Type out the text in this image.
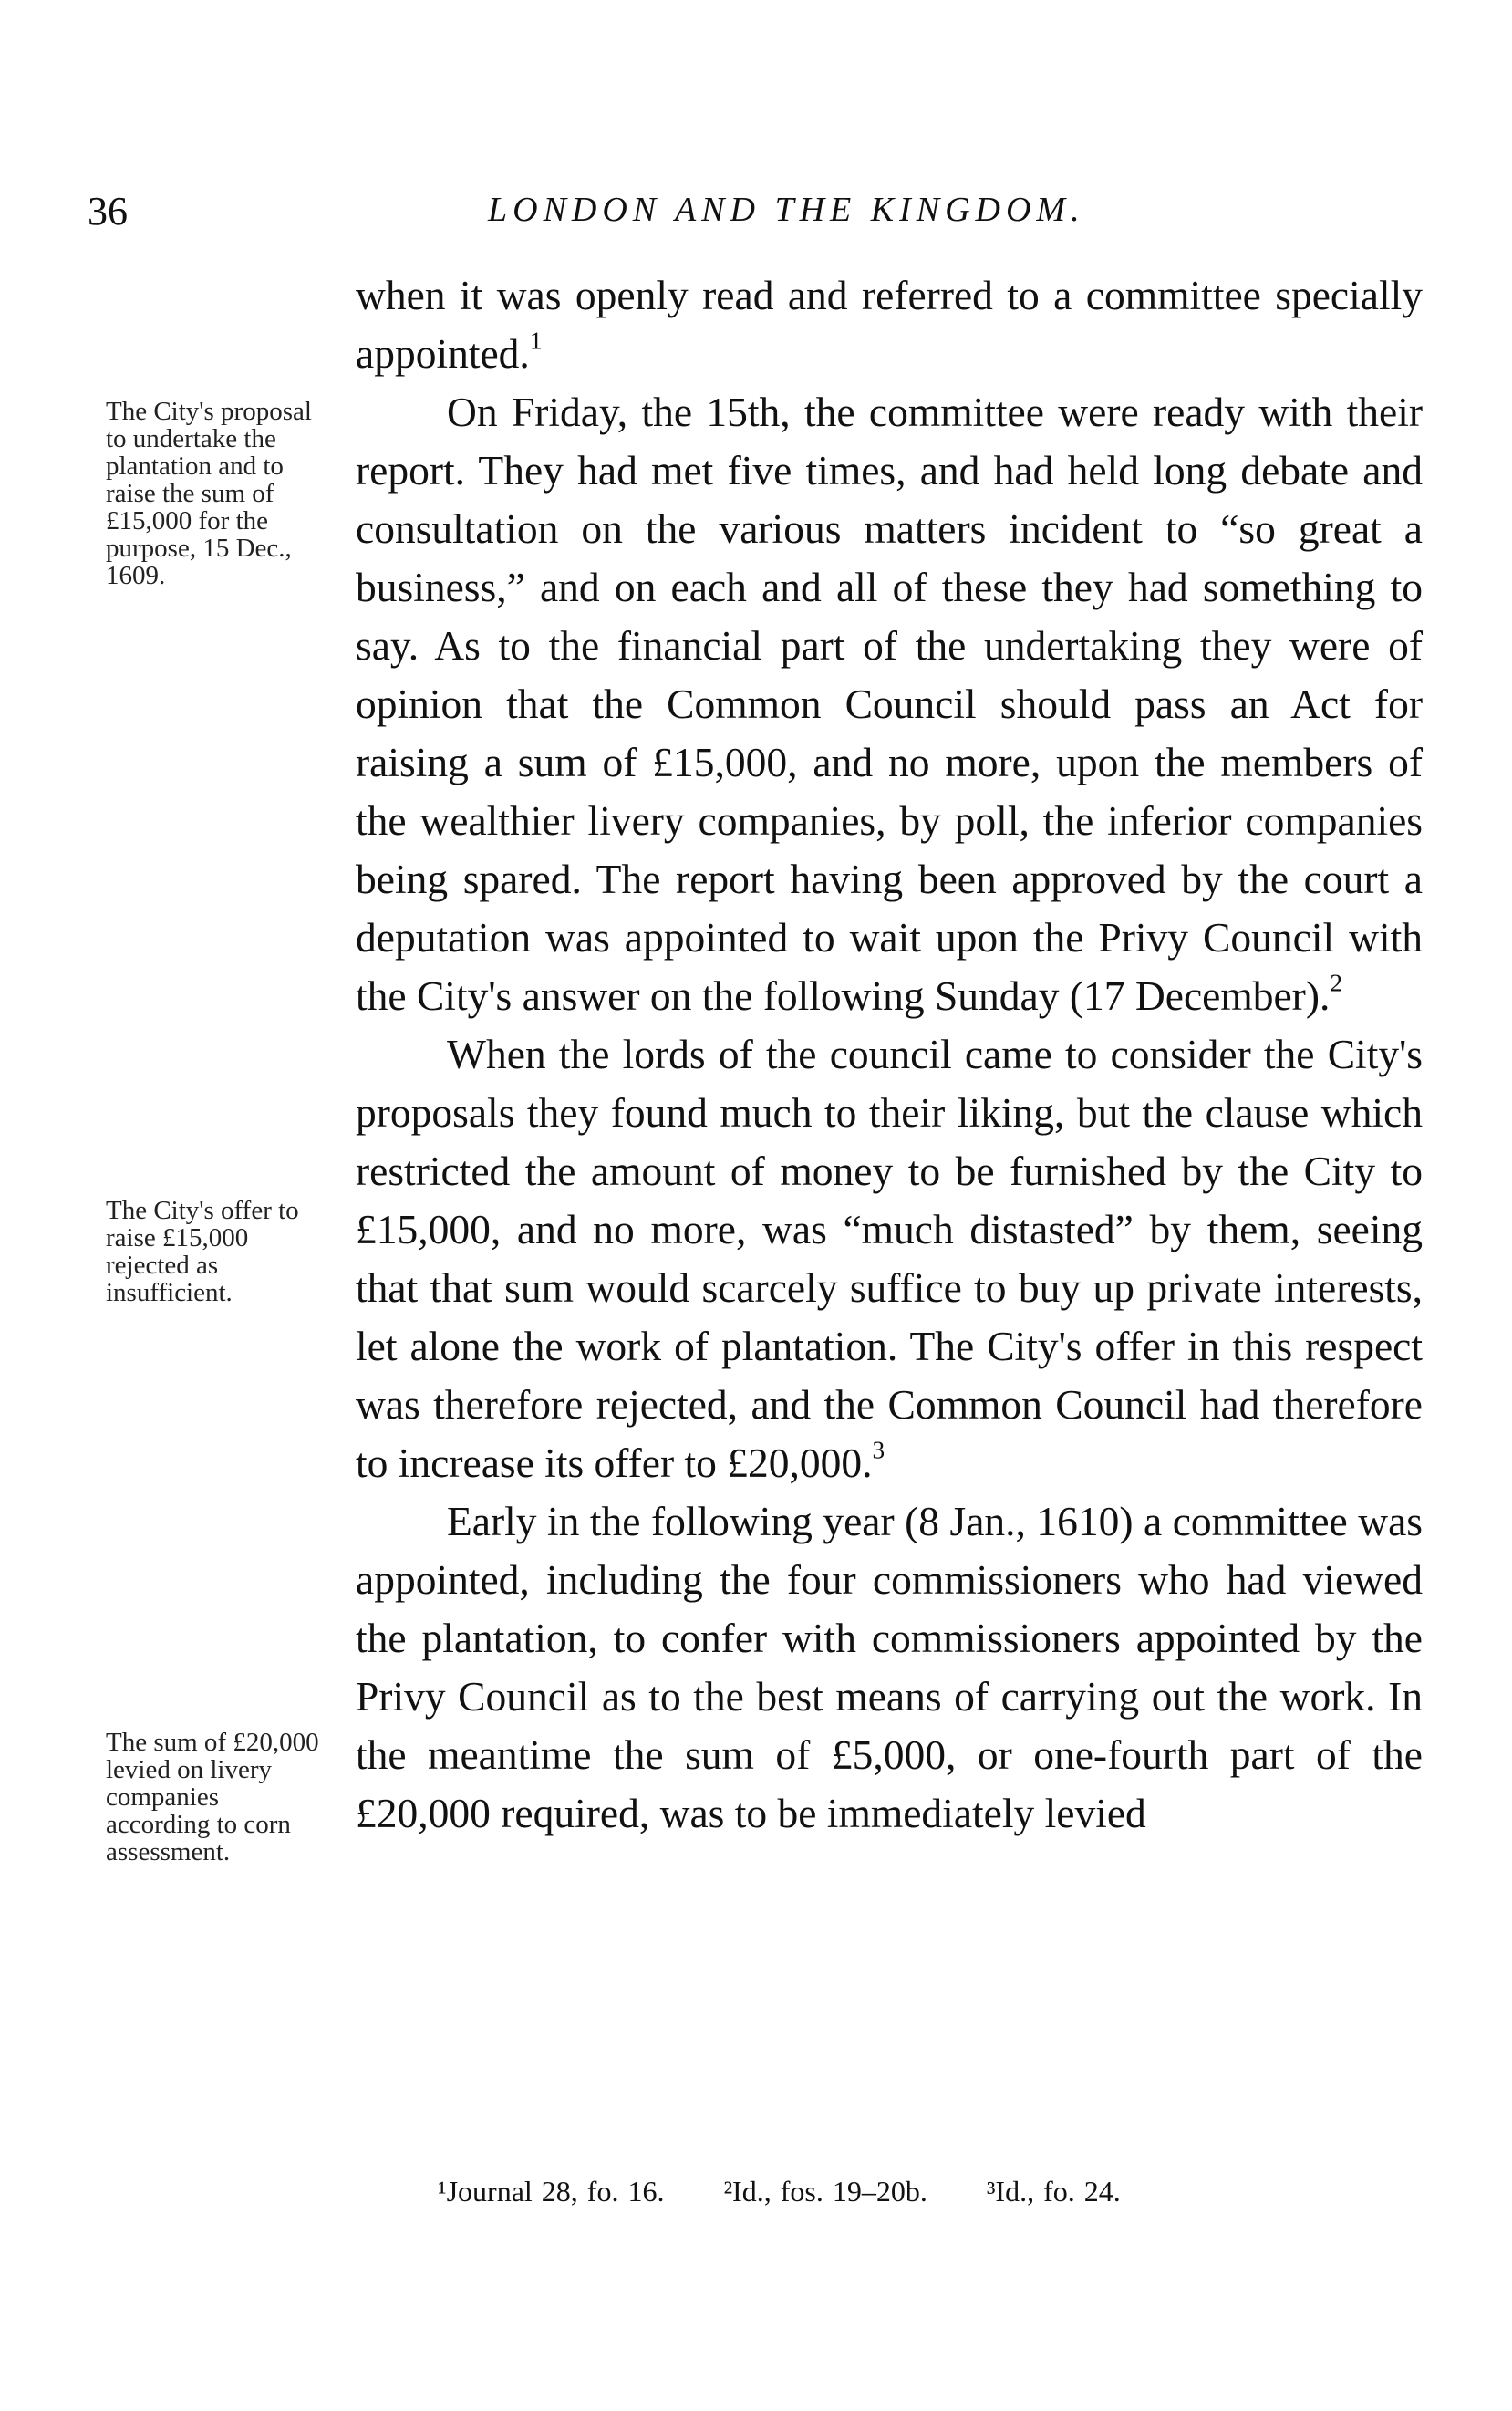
36	LONDON AND THE KINGDOM.
The City's proposal to undertake the plantation and to raise the sum of £15,000 for the purpose, 15 Dec., 1609.
The City's offer to raise £15,000 rejected as insufficient.
The sum of £20,000 levied on livery companies according to corn assessment.

when it was openly read and referred to a committee specially appointed.$^1$

On Friday, the 15th, the committee were ready with their report. They had met five times, and had held long debate and consultation on the various matters incident to “so great a business,” and on each and all of these they had something to say. As to the financial part of the undertaking they were of opinion that the Common Council should pass an Act for raising a sum of £15,000, and no more, upon the members of the wealthier livery companies, by poll, the inferior companies being spared. The report having been approved by the court a deputation was appointed to wait upon the Privy Council with the City's answer on the following Sunday (17 December).$^2$

When the lords of the council came to consider the City's proposals they found much to their liking, but the clause which restricted the amount of money to be furnished by the City to £15,000, and no more, was “much distasted” by them, seeing that that sum would scarcely suffice to buy up private interests, let alone the work of plantation. The City's offer in this respect was therefore rejected, and the Common Council had therefore to increase its offer to £20,000.$^3$

Early in the following year (8 Jan., 1610) a committee was appointed, including the four commissioners who had viewed the plantation, to confer with commissioners appointed by the Privy Council as to the best means of carrying out the work. In the meantime the sum of £5,000, or one-fourth part of the £20,000 required, was to be immediately levied

¹Journal 28, fo. 16. ²Id., fos. 19–20b. ³Id., fo. 24.
